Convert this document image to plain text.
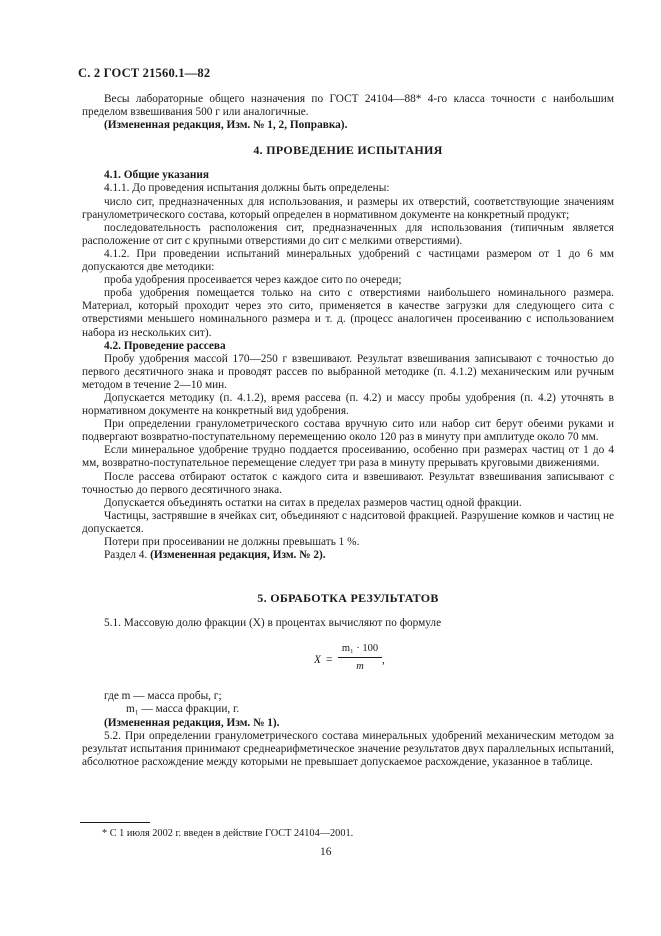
С. 2 ГОСТ 21560.1—82

Весы лабораторные общего назначения по ГОСТ 24104—88* 4-го класса точности с наибольшим пределом взвешивания 500 г или аналогичные.

(Измененная редакция, Изм. № 1, 2, Поправка).

4. ПРОВЕДЕНИЕ ИСПЫТАНИЯ

4.1. Общие указания

4.1.1. До проведения испытания должны быть определены:

число сит, предназначенных для использования, и размеры их отверстий, соответствующие значениям гранулометрического состава, который определен в нормативном документе на конкретный продукт;

последовательность расположения сит, предназначенных для использования (типичным является расположение от сит с крупными отверстиями до сит с мелкими отверстиями).

4.1.2. При проведении испытаний минеральных удобрений с частицами размером от 1 до 6 мм допускаются две методики:

проба удобрения просеивается через каждое сито по очереди;

проба удобрения помещается только на сито с отверстиями наибольшего номинального размера. Материал, который проходит через это сито, применяется в качестве загрузки для следующего сита с отверстиями меньшего номинального размера и т. д. (процесс аналогичен просеиванию с использованием набора из нескольких сит).

4.2. Проведение рассева

Пробу удобрения массой 170—250 г взвешивают. Результат взвешивания записывают с точностью до первого десятичного знака и проводят рассев по выбранной методике (п. 4.1.2) механическим или ручным методом в течение 2—10 мин.

Допускается методику (п. 4.1.2), время рассева (п. 4.2) и массу пробы удобрения (п. 4.2) уточнять в нормативном документе на конкретный вид удобрения.

При определении гранулометрического состава вручную сито или набор сит берут обеими руками и подвергают возвратно-поступательному перемещению около 120 раз в минуту при амплитуде около 70 мм.

Если минеральное удобрение трудно поддается просеиванию, особенно при размерах частиц от 1 до 4 мм, возвратно-поступательное перемещение следует три раза в минуту прерывать круговыми движениями.

После рассева отбирают остаток с каждого сита и взвешивают. Результат взвешивания записывают с точностью до первого десятичного знака.

Допускается объединять остатки на ситах в пределах размеров частиц одной фракции.

Частицы, застрявшие в ячейках сит, объединяют с надситовой фракцией. Разрушение комков и частиц не допускается.

Потери при просеивании не должны превышать 1 %.

Раздел 4. (Измененная редакция, Изм. № 2).

5. ОБРАБОТКА РЕЗУЛЬТАТОВ

5.1. Массовую долю фракции (X) в процентах вычисляют по формуле

$X = \frac{\text{m₁ · 100}}{m}$ ,

где m — масса пробы, г;

m₁ — масса фракции, г.

(Измененная редакция, Изм. № 1).

5.2. При определении гранулометрического состава минеральных удобрений механическим методом за результат испытания принимают среднеарифметическое значение результатов двух параллельных испытаний, абсолютное расхождение между которыми не превышает допускаемое расхождение, указанное в таблице.

* С 1 июля 2002 г. введен в действие ГОСТ 24104—2001.
16
